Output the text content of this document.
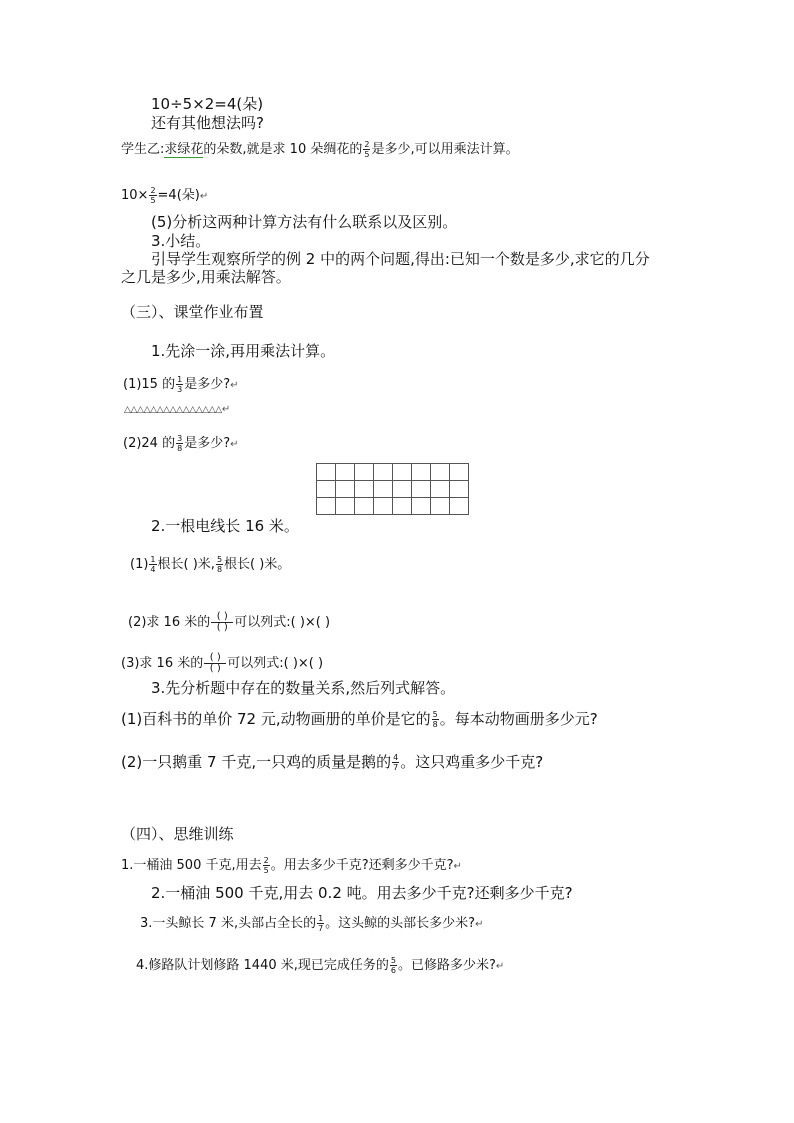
10÷5×2=4(朵)
还有其他想法吗?
学生乙:求绿花的朵数,就是求 10 朵绸花的 $\frac{2}{5}$ 是多少,可以用乘法计算。
$10\times \frac{2}{5} =4$(朵)↵
(5)分析这两种计算方法有什么联系以及区别。
3.小结。
引导学生观察所学的例 2 中的两个问题,得出:已知一个数是多少,求它的几分
之几是多少,用乘法解答。
（三）、课堂作业布置
1.先涂一涂,再用乘法计算。
(1)15 的 $\frac{1}{3}$ 是多少?↵
△△△△△△△△△△△△△△△↵
(2)24 的 $\frac{3}{8}$ 是多少?↵

2.一根电线长 16 米。
$(1) \frac{1}{4}$ 根长( )米, $\frac{5}{8}$ 根长( )米。
(2)求 16 米的 ( )
( ) 可以列式:( )×( )
(3)求 16 米的 ( )
( ) 可以列式:( )×( )
3.先分析题中存在的数量关系,然后列式解答。
(1)百科书的单价 72 元,动物画册的单价是它的 $\frac{5}{8}$ 。每本动物画册多少元?
(2)一只鹅重 7 千克,一只鸡的质量是鹅的 $\frac{4}{7}$ 。这只鸡重多少千克?
（四）、思维训练
1.一桶油 500 千克,用去 $\frac{2}{5}$ 。用去多少千克?还剩多少千克?↵
2.一桶油 500 千克,用去 0.2 吨。用去多少千克?还剩多少千克?
3.一头鲸长 7 米,头部占全长的 $\frac{1}{7}$ 。这头鲸的头部长多少米?↵
4.修路队计划修路 1440 米,现已完成任务的 $\frac{5}{6}$ 。已修路多少米?↵
